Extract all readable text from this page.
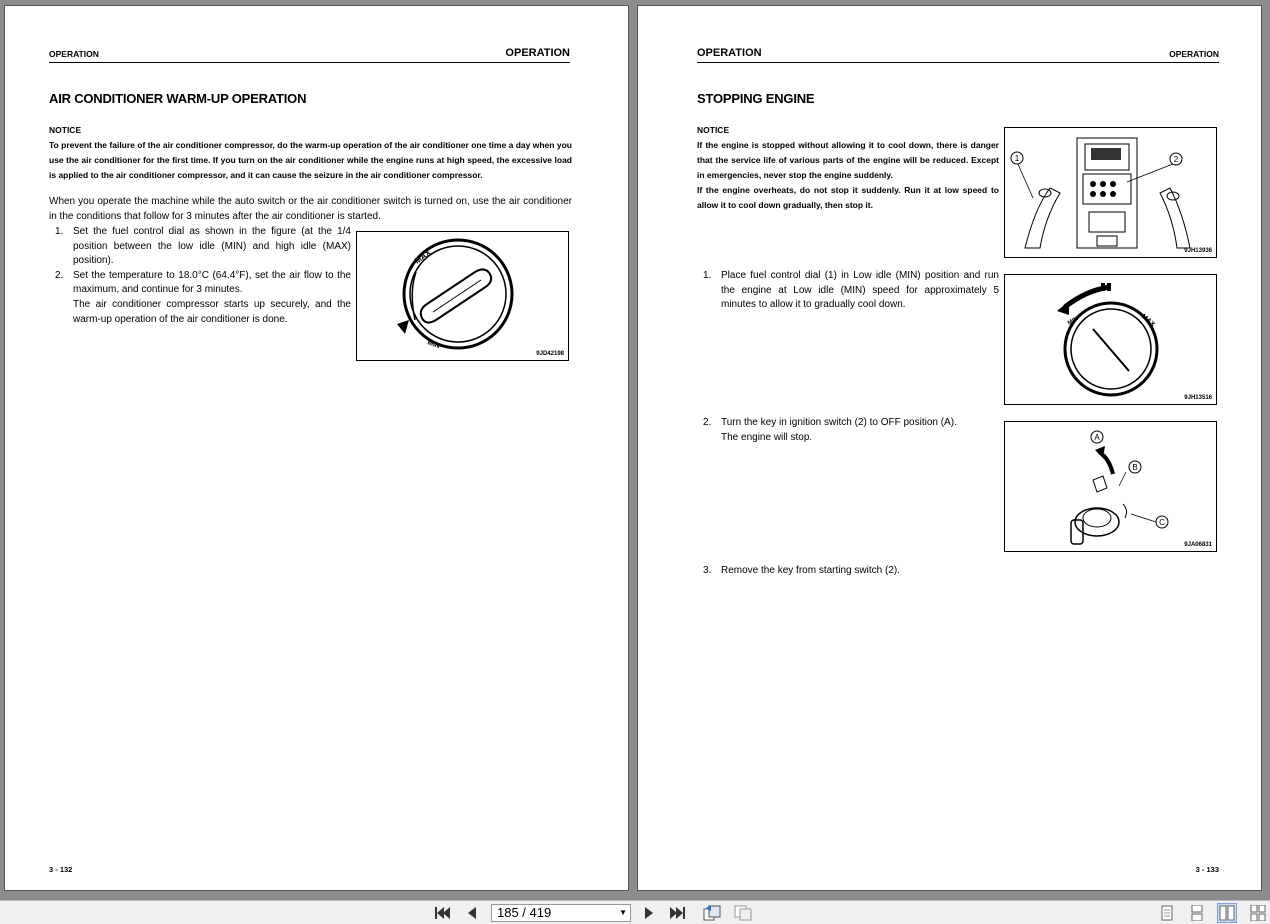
OPERATION	OPERATION
AIR CONDITIONER WARM-UP OPERATION
NOTICE
To prevent the failure of the air conditioner compressor, do the warm-up operation of the air conditioner one time a day when you use the air conditioner for the first time. If you turn on the air conditioner while the engine runs at high speed, the excessive load is applied to the air conditioner compressor, and it can cause the seizure in the air conditioner compressor.
When you operate the machine while the auto switch or the air conditioner switch is turned on, use the air conditioner in the conditions that follow for 3 minutes after the air conditioner is started.
1. Set the fuel control dial as shown in the figure (at the 1/4 position between the low idle (MIN) and high idle (MAX) position).
2. Set the temperature to 18.0°C (64.4°F), set the air flow to the maximum, and continue for 3 minutes.
The air conditioner compressor starts up securely, and the warm-up operation of the air conditioner is done.
MAX
MIN
9JD42198
3 - 132
OPERATION	OPERATION
STOPPING ENGINE
NOTICE
If the engine is stopped without allowing it to cool down, there is danger that the service life of various parts of the engine will be reduced. Except in emergencies, never stop the engine suddenly.
If the engine overheats, do not stop it suddenly. Run it at low speed to allow it to cool down gradually, then stop it.
1	2
9JH13936
1. Place fuel control dial (1) in Low idle (MIN) position and run the engine at Low idle (MIN) speed for approximately 5 minutes to allow it to gradually cool down.
MIN	MAX
9JH13516
2. Turn the key in ignition switch (2) to OFF position (A).
The engine will stop.	A
B
C
9JA06831
3. Remove the key from starting switch (2).
3 - 133
185 / 419	▼
